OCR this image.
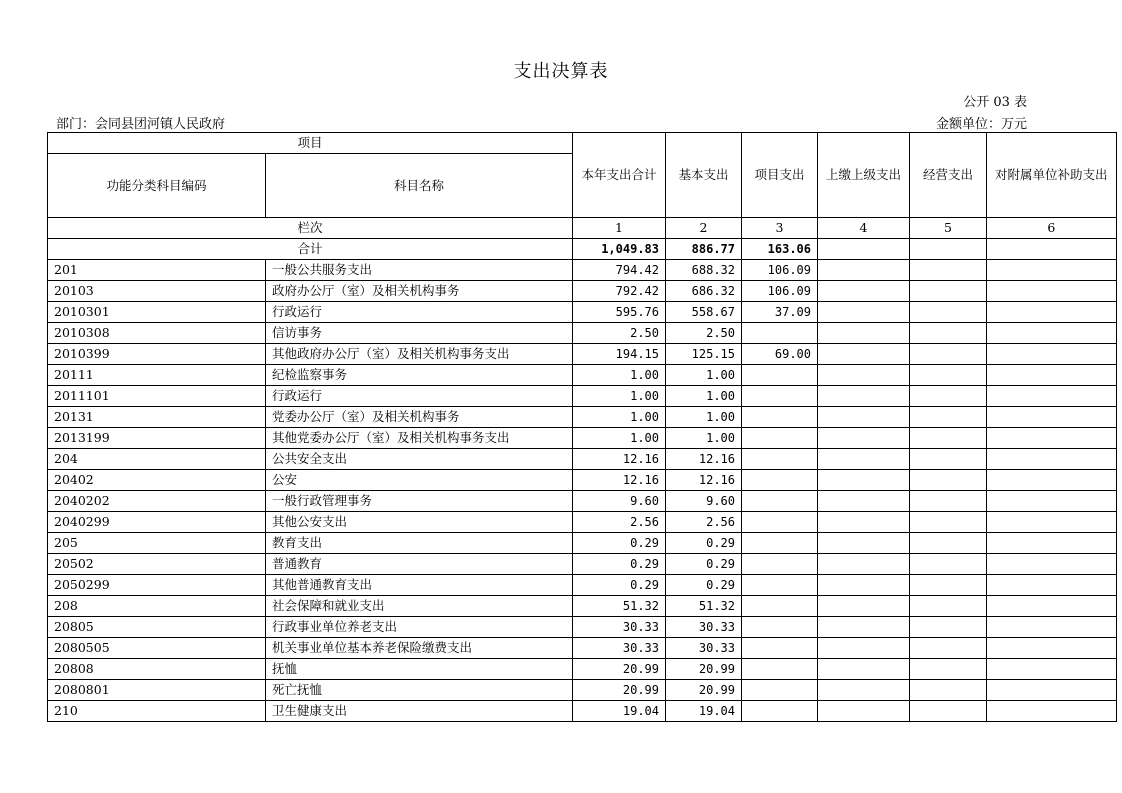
支出决算表
公开 03 表
部门：会同县团河镇人民政府	金额单位：万元
项目		本年支出合计	基本支出	项目支出	上缴上级支出	经营支出	对附属单位补助支出
功能分类科目编码	科目名称						
栏次		1	2	3	4	5	6
合计		1,049.83	886.77	163.06			
201	一般公共服务支出	794.42	688.32	106.09			
20103	政府办公厅（室）及相关机构事务	792.42	686.32	106.09			
2010301	行政运行	595.76	558.67	37.09			
2010308	信访事务	2.50	2.50				
2010399	其他政府办公厅（室）及相关机构事务支出	194.15	125.15	69.00			
20111	纪检监察事务	1.00	1.00				
2011101	行政运行	1.00	1.00				
20131	党委办公厅（室）及相关机构事务	1.00	1.00				
2013199	其他党委办公厅（室）及相关机构事务支出	1.00	1.00				
204	公共安全支出	12.16	12.16				
20402	公安	12.16	12.16				
2040202	一般行政管理事务	9.60	9.60				
2040299	其他公安支出	2.56	2.56				
205	教育支出	0.29	0.29				
20502	普通教育	0.29	0.29				
2050299	其他普通教育支出	0.29	0.29				
208	社会保障和就业支出	51.32	51.32				
20805	行政事业单位养老支出	30.33	30.33				
2080505	机关事业单位基本养老保险缴费支出	30.33	30.33				
20808	抚恤	20.99	20.99				
2080801	死亡抚恤	20.99	20.99				
210	卫生健康支出	19.04	19.04				
